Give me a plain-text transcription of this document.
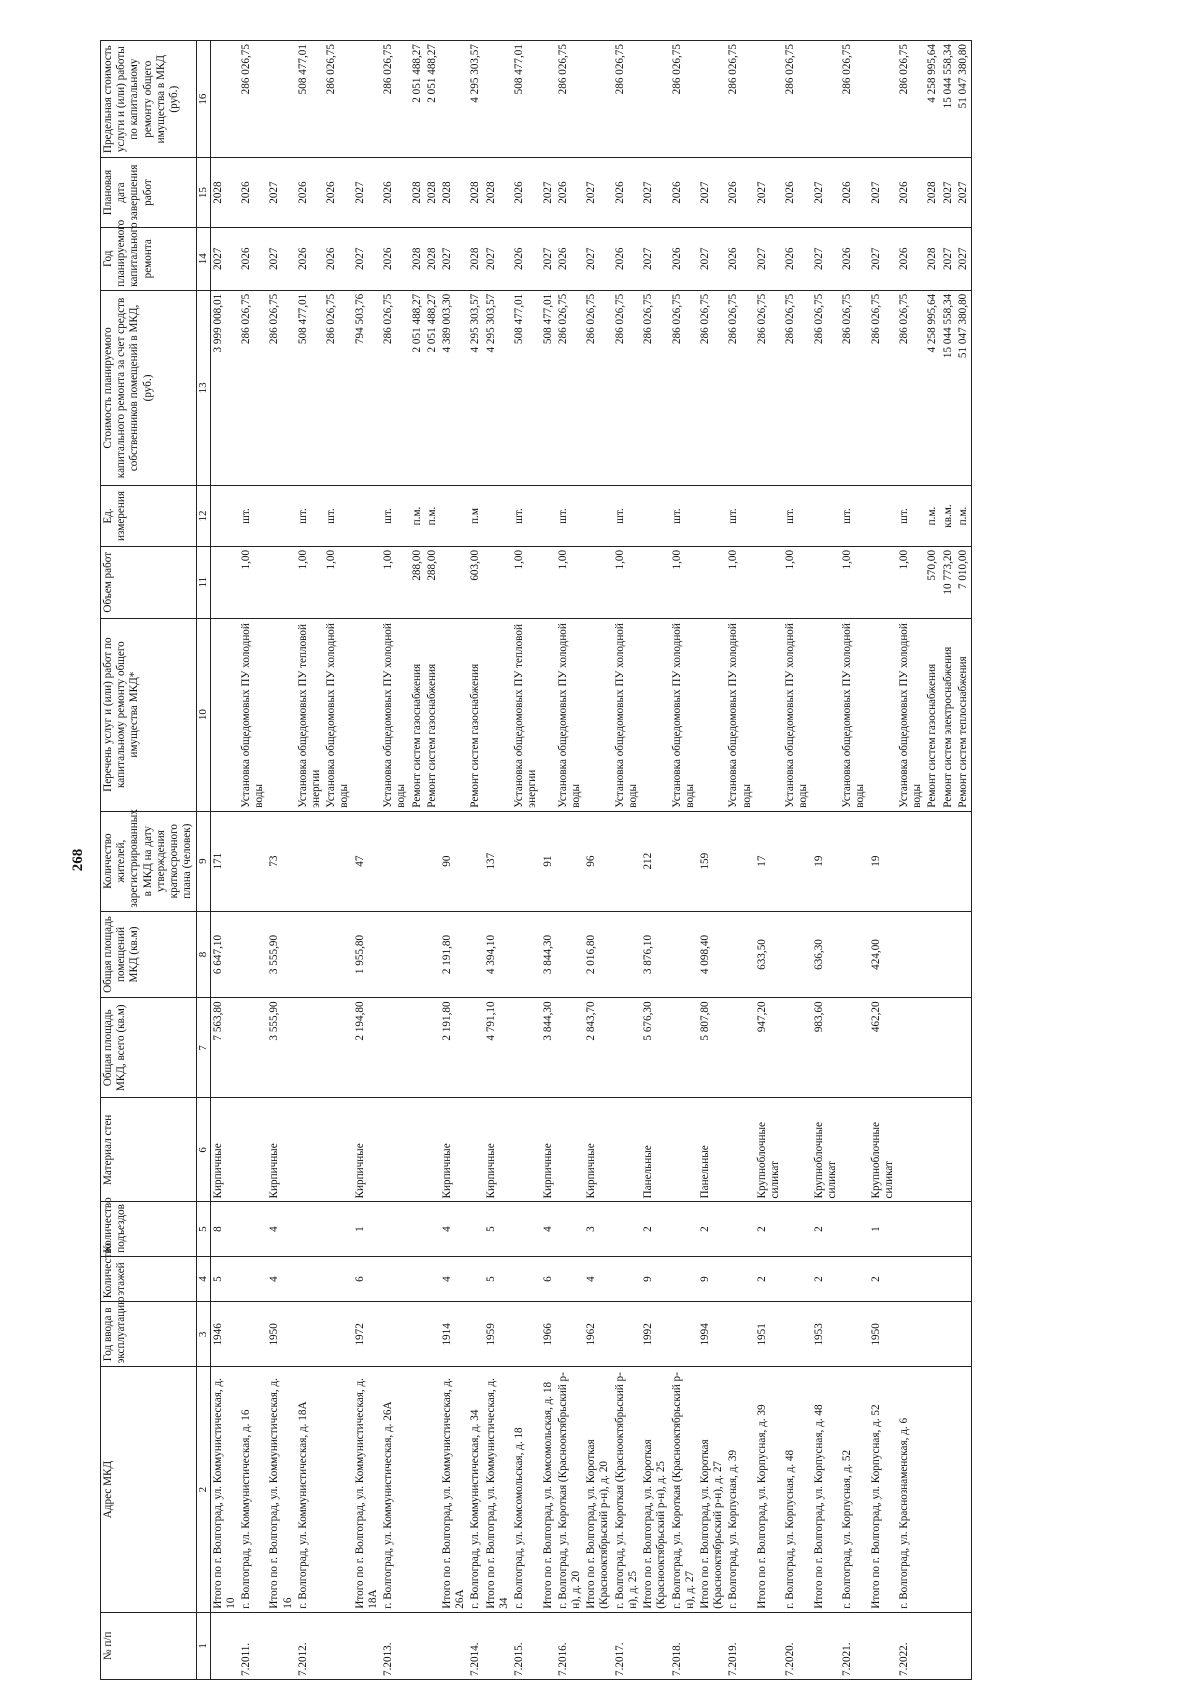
268
№ п/п	Адрес МКД	Год ввода в эксплуатацию	Количество этажей	Количество подъездов	Материал стен	Общая площадь МКД, всего (кв.м)	Общая площадь помещений МКД (кв.м)	Количество жителей, зарегистрированных в МКД на дату утверждения краткосрочного плана (человек)	Перечень услуг и (или) работ по капитальному ремонту общего имущества МКД*	Объем работ	Ед. измерения	Стоимость планируемого капитального ремонта за счет средств собственников помещений в МКД, (руб.)	Год планируемого капитального ремонта	Плановая дата завершения работ	Предельная стоимость услуги и (или) работы по капитальному ремонту общего имущества в МКД (руб.)
1	2	3	4	5	6	7	8	9	10	11	12	13	14	15	16
	Итого по г. Волгоград, ул. Коммунистическая, д. 10	1946	5	8	Кирпичные	7 563,80	6 647,10	171				3 999 008,01	2027	2028	
7.2011.	г. Волгоград, ул. Коммунистическая, д. 16								Установка общедомовых ПУ холодной воды	1,00	шт.	286 026,75	2026	2026	286 026,75
	Итого по г. Волгоград, ул. Коммунистическая, д. 16	1950	4	4	Кирпичные	3 555,90	3 555,90	73				286 026,75	2027	2027	
7.2012.	г. Волгоград, ул. Коммунистическая, д. 18А								Установка общедомовых ПУ тепловой энергии	1,00	шт.	508 477,01	2026	2026	508 477,01
									Установка общедомовых ПУ холодной воды	1,00	шт.	286 026,75	2026	2026	286 026,75
	Итого по г. Волгоград, ул. Коммунистическая, д. 18А	1972	6	1	Кирпичные	2 194,80	1 955,80	47				794 503,76	2027	2027	
7.2013.	г. Волгоград, ул. Коммунистическая, д. 26А								Установка общедомовых ПУ холодной воды	1,00	шт.	286 026,75	2026	2026	286 026,75
									Ремонт систем газоснабжения	288,00	п.м.	2 051 488,27	2028	2028	2 051 488,27
									Ремонт систем газоснабжения	288,00	п.м.	2 051 488,27	2028	2028	2 051 488,27
	Итого по г. Волгоград, ул. Коммунистическая, д. 26А	1914	4	4	Кирпичные	2 191,80	2 191,80	90				4 389 003,30	2027	2028	
7.2014.	г. Волгоград, ул. Коммунистическая, д. 34								Ремонт систем газоснабжения	603,00	п.м	4 295 303,57	2028	2028	4 295 303,57
	Итого по г. Волгоград, ул. Коммунистическая, д. 34	1959	5	5	Кирпичные	4 791,10	4 394,10	137				4 295 303,57	2027	2028	
7.2015.	г. Волгоград, ул. Комсомольская, д. 18								Установка общедомовых ПУ тепловой энергии	1,00	шт.	508 477,01	2026	2026	508 477,01
	Итого по г. Волгоград, ул. Комсомольская, д. 18	1966	6	4	Кирпичные	3 844,30	3 844,30	91				508 477,01	2027	2027	
7.2016.	г. Волгоград, ул. Короткая (Краснооктябрьский р-н), д. 20								Установка общедомовых ПУ холодной воды	1,00	шт.	286 026,75	2026	2026	286 026,75
	Итого по г. Волгоград, ул. Короткая (Краснооктябрьский р-н), д. 20	1962	4	3	Кирпичные	2 843,70	2 016,80	96				286 026,75	2027	2027	
7.2017.	г. Волгоград, ул. Короткая (Краснооктябрьский р-н), д. 25								Установка общедомовых ПУ холодной воды	1,00	шт.	286 026,75	2026	2026	286 026,75
	Итого по г. Волгоград, ул. Короткая (Краснооктябрьский р-н), д. 25	1992	9	2	Панельные	5 676,30	3 876,10	212				286 026,75	2027	2027	
7.2018.	г. Волгоград, ул. Короткая (Краснооктябрьский р-н), д. 27								Установка общедомовых ПУ холодной воды	1,00	шт.	286 026,75	2026	2026	286 026,75
	Итого по г. Волгоград, ул. Короткая (Краснооктябрьский р-н), д. 27	1994	9	2	Панельные	5 807,80	4 098,40	159				286 026,75	2027	2027	
7.2019.	г. Волгоград, ул. Корпусная, д. 39								Установка общедомовых ПУ холодной воды	1,00	шт.	286 026,75	2026	2026	286 026,75
	Итого по г. Волгоград, ул. Корпусная, д. 39	1951	2	2	Крупноблочные силикат	947,20	633,50	17				286 026,75	2027	2027	
7.2020.	г. Волгоград, ул. Корпусная, д. 48								Установка общедомовых ПУ холодной воды	1,00	шт.	286 026,75	2026	2026	286 026,75
	Итого по г. Волгоград, ул. Корпусная, д. 48	1953	2	2	Крупноблочные силикат	983,60	636,30	19				286 026,75	2027	2027	
7.2021.	г. Волгоград, ул. Корпусная, д. 52								Установка общедомовых ПУ холодной воды	1,00	шт.	286 026,75	2026	2026	286 026,75
	Итого по г. Волгоград, ул. Корпусная, д. 52	1950	2	1	Крупноблочные силикат	462,20	424,00	19				286 026,75	2027	2027	
7.2022.	г. Волгоград, ул. Краснознаменская, д. 6								Установка общедомовых ПУ холодной воды	1,00	шт.	286 026,75	2026	2026	286 026,75
									Ремонт систем газоснабжения	570,00	п.м.	4 258 995,64	2028	2028	4 258 995,64
									Ремонт систем электроснабжения	10 773,20	кв.м.	15 044 558,34	2027	2027	15 044 558,34
									Ремонт систем теплоснабжения	7 010,00	п.м.	51 047 380,80	2027	2027	51 047 380,80
